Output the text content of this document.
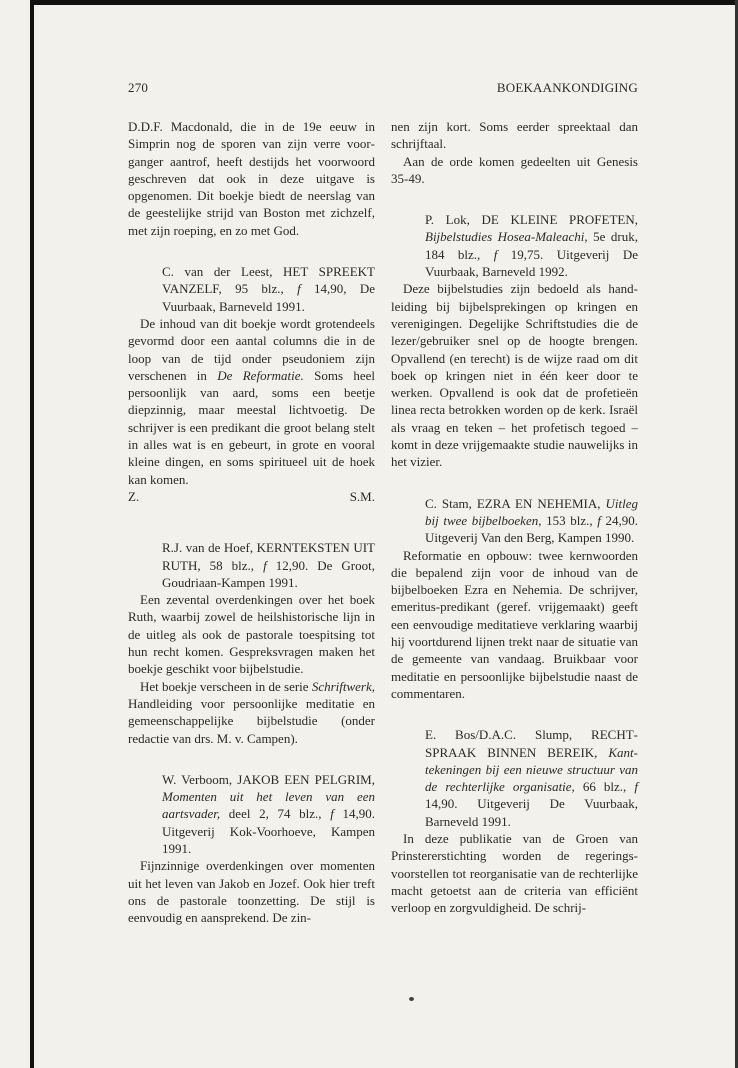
270	BOEKAANKONDIGING

D.D.F. Macdonald, die in de 19e eeuw in Simprin nog de sporen van zijn verre voorganger aantrof, heeft destijds het voorwoord geschreven dat ook in deze uitgave is opgenomen. Dit boekje biedt de neerslag van de geestelijke strijd van Boston met zichzelf, met zijn roeping, en zo met God.

C. van der Leest, HET SPREEKT VANZELF, 95 blz., f 14,90, De Vuurbaak, Barneveld 1991.

De inhoud van dit boekje wordt grotendeels gevormd door een aantal columns die in de loop van de tijd onder pseudoniem zijn verschenen in De Reformatie. Soms heel persoonlijk van aard, soms een beetje diepzinnig, maar meestal lichtvoetig. De schrijver is een predikant die groot belang stelt in alles wat is en gebeurt, in grote en vooral kleine dingen, en soms spiritueel uit de hoek kan komen.

Z.	S.M.

R.J. van de Hoef, KERNTEKSTEN UIT RUTH, 58 blz., f 12,90. De Groot, Goudriaan-Kampen 1991.

Een zevental overdenkingen over het boek Ruth, waarbij zowel de heilshistorische lijn in de uitleg als ook de pastorale toespitsing tot hun recht komen. Gespreksvragen maken het boekje geschikt voor bijbelstudie.

Het boekje verscheen in de serie Schriftwerk, Handleiding voor persoonlijke meditatie en gemeenschappelijke bijbelstudie (onder redactie van drs. M. v. Campen).

W. Verboom, JAKOB EEN PELGRIM, Momenten uit het leven van een aartsvader, deel 2, 74 blz., f 14,90. Uitgeverij Kok-Voorhoeve, Kampen 1991.

Fijnzinnige overdenkingen over momenten uit het leven van Jakob en Jozef. Ook hier treft ons de pastorale toonzetting. De stijl is eenvoudig en aansprekend. De zin-

nen zijn kort. Soms eerder spreektaal dan schrijftaal.

Aan de orde komen gedeelten uit Genesis 35-49.

P. Lok, DE KLEINE PROFETEN, Bijbelstudies Hosea-Maleachi, 5e druk, 184 blz., f 19,75. Uitgeverij De Vuurbaak, Barneveld 1992.

Deze bijbelstudies zijn bedoeld als handleiding bij bijbelsprekingen op kringen en verenigingen. Degelijke Schriftstudies die de lezer/gebruiker snel op de hoogte brengen. Opvallend (en terecht) is de wijze raad om dit boek op kringen niet in één keer door te werken. Opvallend is ook dat de profetieën linea recta betrokken worden op de kerk. Israël als vraag en teken – het profetisch tegoed – komt in deze vrijgemaakte studie nauwelijks in het vizier.

C. Stam, EZRA EN NEHEMIA, Uitleg bij twee bijbelboeken, 153 blz., f 24,90. Uitgeverij Van den Berg, Kampen 1990.

Reformatie en opbouw: twee kernwoorden die bepalend zijn voor de inhoud van de bijbelboeken Ezra en Nehemia. De schrijver, emeritus-predikant (geref. vrijgemaakt) geeft een eenvoudige meditatieve verklaring waarbij hij voortdurend lijnen trekt naar de situatie van de gemeente van vandaag. Bruikbaar voor meditatie en persoonlijke bijbelstudie naast de commentaren.

E. Bos/D.A.C. Slump, RECHTSPRAAK BINNEN BEREIK, Kanttekeningen bij een nieuwe structuur van de rechterlijke organisatie, 66 blz., f 14,90. Uitgeverij De Vuurbaak, Barneveld 1991.

In deze publikatie van de Groen van Prinstererstichting worden de regeringsvoorstellen tot reorganisatie van de rechterlijke macht getoetst aan de criteria van efficiënt verloop en zorgvuldigheid. De schrij-
